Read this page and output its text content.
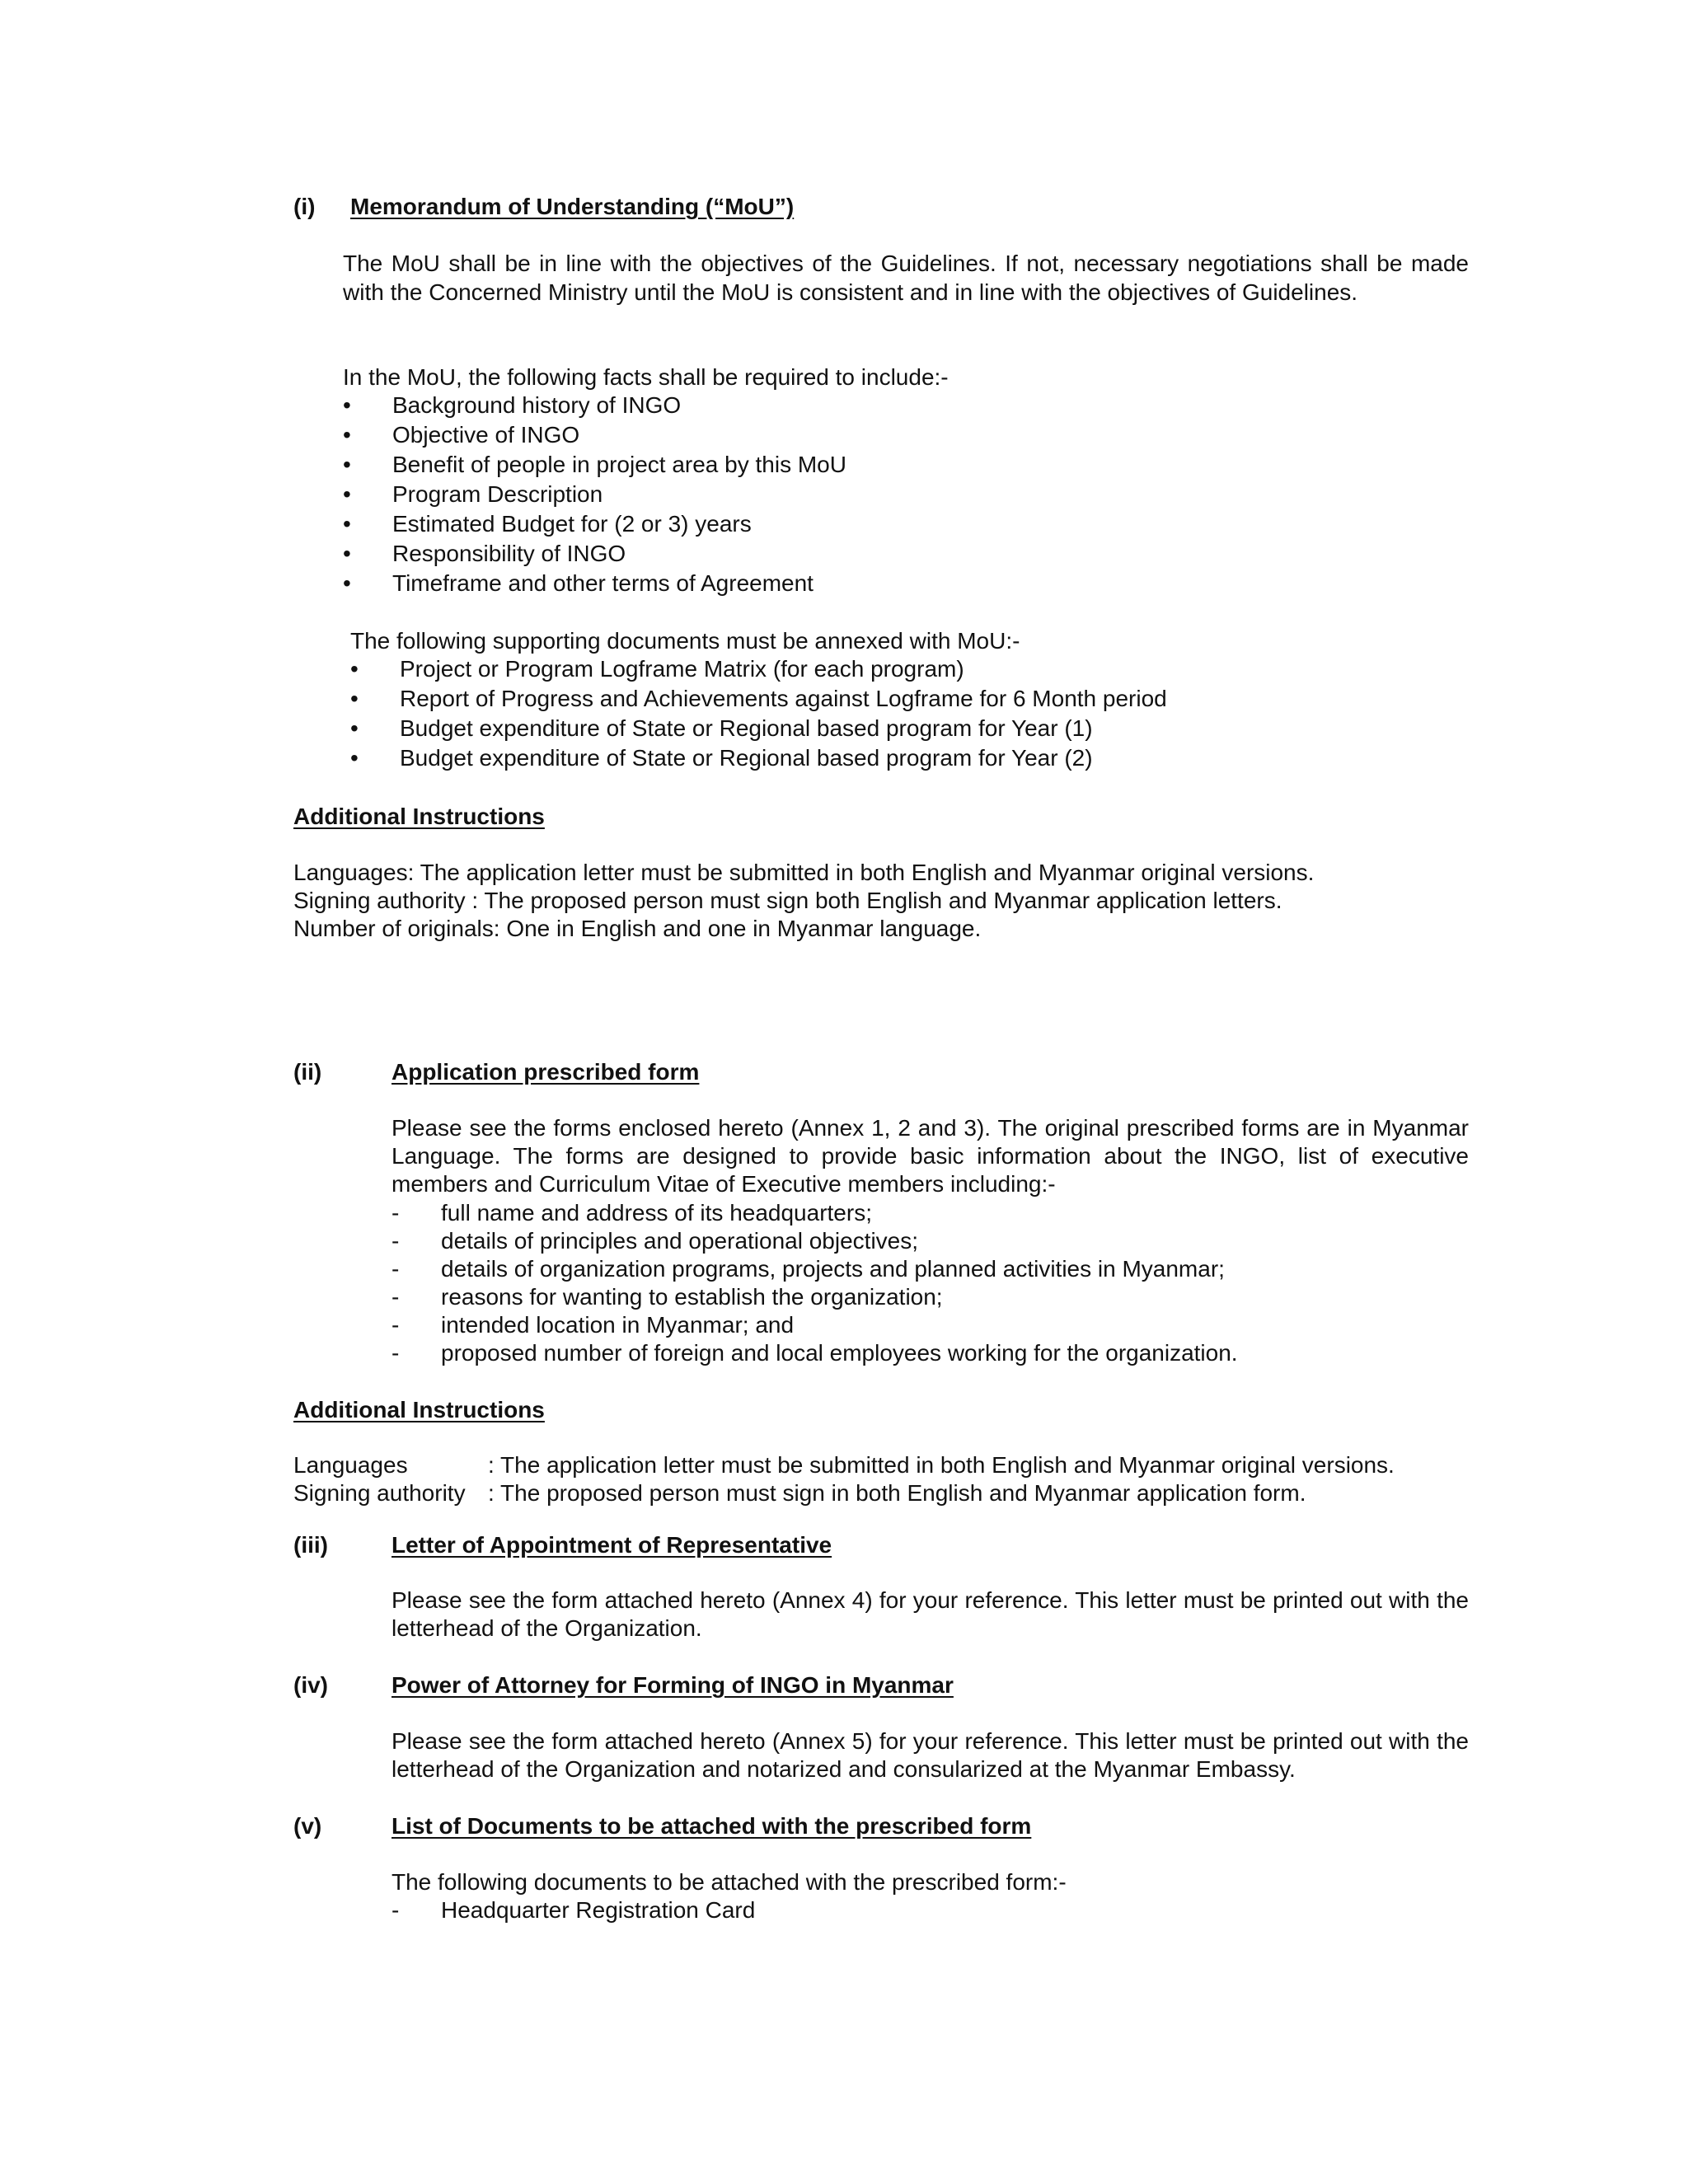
(i) Memorandum of Understanding (“MoU”)
The MoU shall be in line with the objectives of the Guidelines. If not, necessary negotiations shall be made with the Concerned Ministry until the MoU is consistent and in line with the objectives of Guidelines.
In the MoU, the following facts shall be required to include:-
• Background history of INGO
• Objective of INGO
• Benefit of people in project area by this MoU
• Program Description
• Estimated Budget for (2 or 3) years
• Responsibility of INGO
• Timeframe and other terms of Agreement
The following supporting documents must be annexed with MoU:-
• Project or Program Logframe Matrix (for each program)
• Report of Progress and Achievements against Logframe for 6 Month period
• Budget expenditure of State or Regional based program for Year (1)
• Budget expenditure of State or Regional based program for Year (2)
Additional Instructions
Languages: The application letter must be submitted in both English and Myanmar original versions.
Signing authority : The proposed person must sign both English and Myanmar application letters.
Number of originals: One in English and one in Myanmar language.
(ii)	Application prescribed form
Please see the forms enclosed hereto (Annex 1, 2 and 3). The original prescribed forms are in Myanmar Language. The forms are designed to provide basic information about the INGO, list of executive members and Curriculum Vitae of Executive members including:-
- full name and address of its headquarters;
- details of principles and operational objectives;
- details of organization programs, projects and planned activities in Myanmar;
- reasons for wanting to establish the organization;
- intended location in Myanmar; and
- proposed number of foreign and local employees working for the organization.
Additional Instructions
Languages	: The application letter must be submitted in both English and Myanmar original versions.
Signing authority : The proposed person must sign in both English and Myanmar application form.
(iii)	Letter of Appointment of Representative
Please see the form attached hereto (Annex 4) for your reference. This letter must be printed out with the letterhead of the Organization.
(iv)	Power of Attorney for Forming of INGO in Myanmar
Please see the form attached hereto (Annex 5) for your reference. This letter must be printed out with the letterhead of the Organization and notarized and consularized at the Myanmar Embassy.
(v)	List of Documents to be attached with the prescribed form
The following documents to be attached with the prescribed form:-
- Headquarter Registration Card
